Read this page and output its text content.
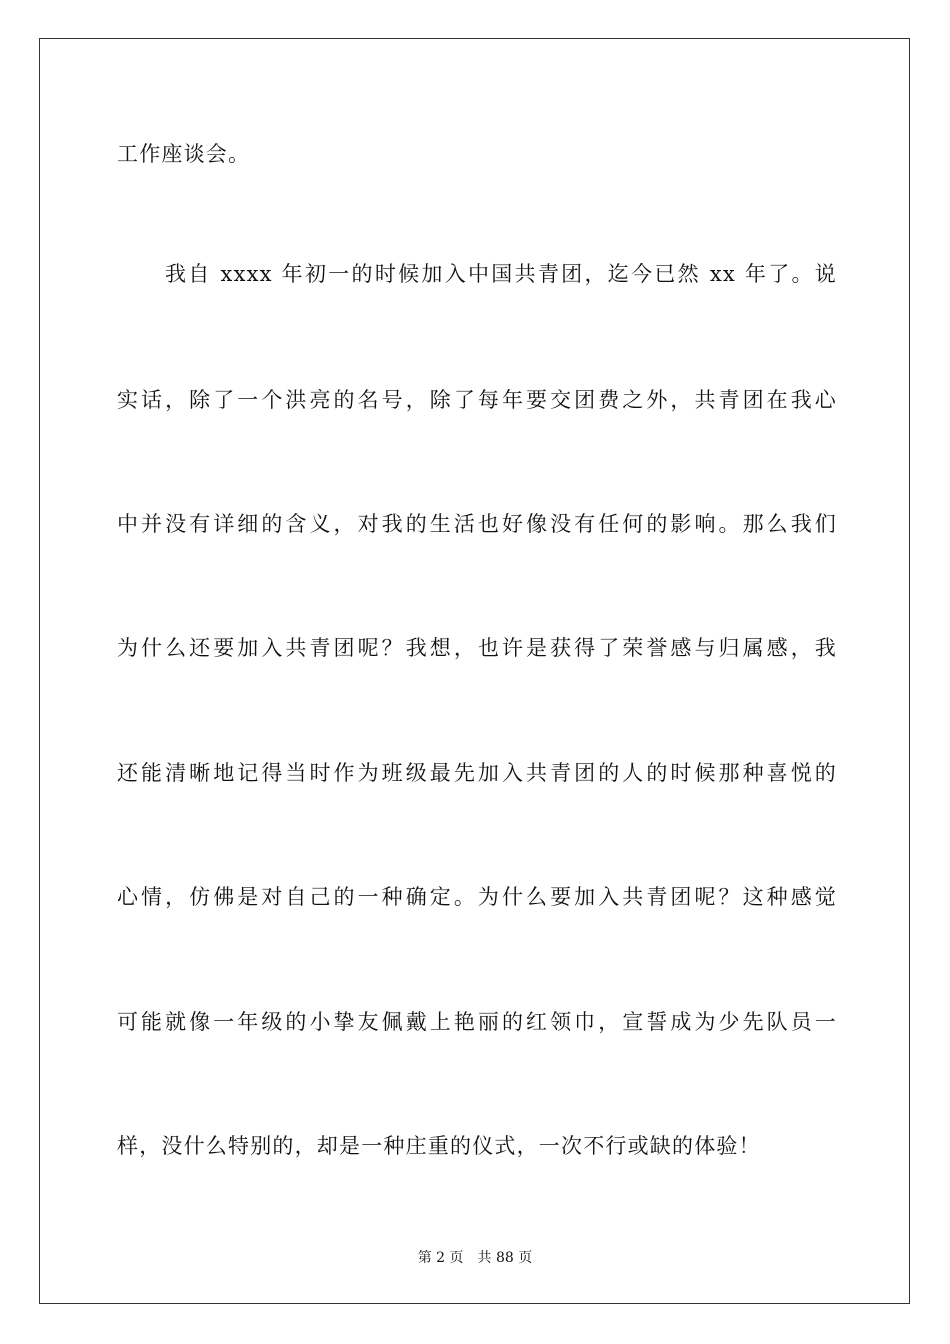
工作座谈会。
我自 xxxx 年初一的时候加入中国共青团，迄今已然 xx 年了。说
实话，除了一个洪亮的名号，除了每年要交团费之外，共青团在我心
中并没有详细的含义，对我的生活也好像没有任何的影响。那么我们
为什么还要加入共青团呢？我想，也许是获得了荣誉感与归属感，我
还能清晰地记得当时作为班级最先加入共青团的人的时候那种喜悦的
心情，仿佛是对自己的一种确定。为什么要加入共青团呢？这种感觉
可能就像一年级的小挚友佩戴上艳丽的红领巾，宣誓成为少先队员一
样，没什么特别的，却是一种庄重的仪式，一次不行或缺的体验！
第 2 页 共 88 页
